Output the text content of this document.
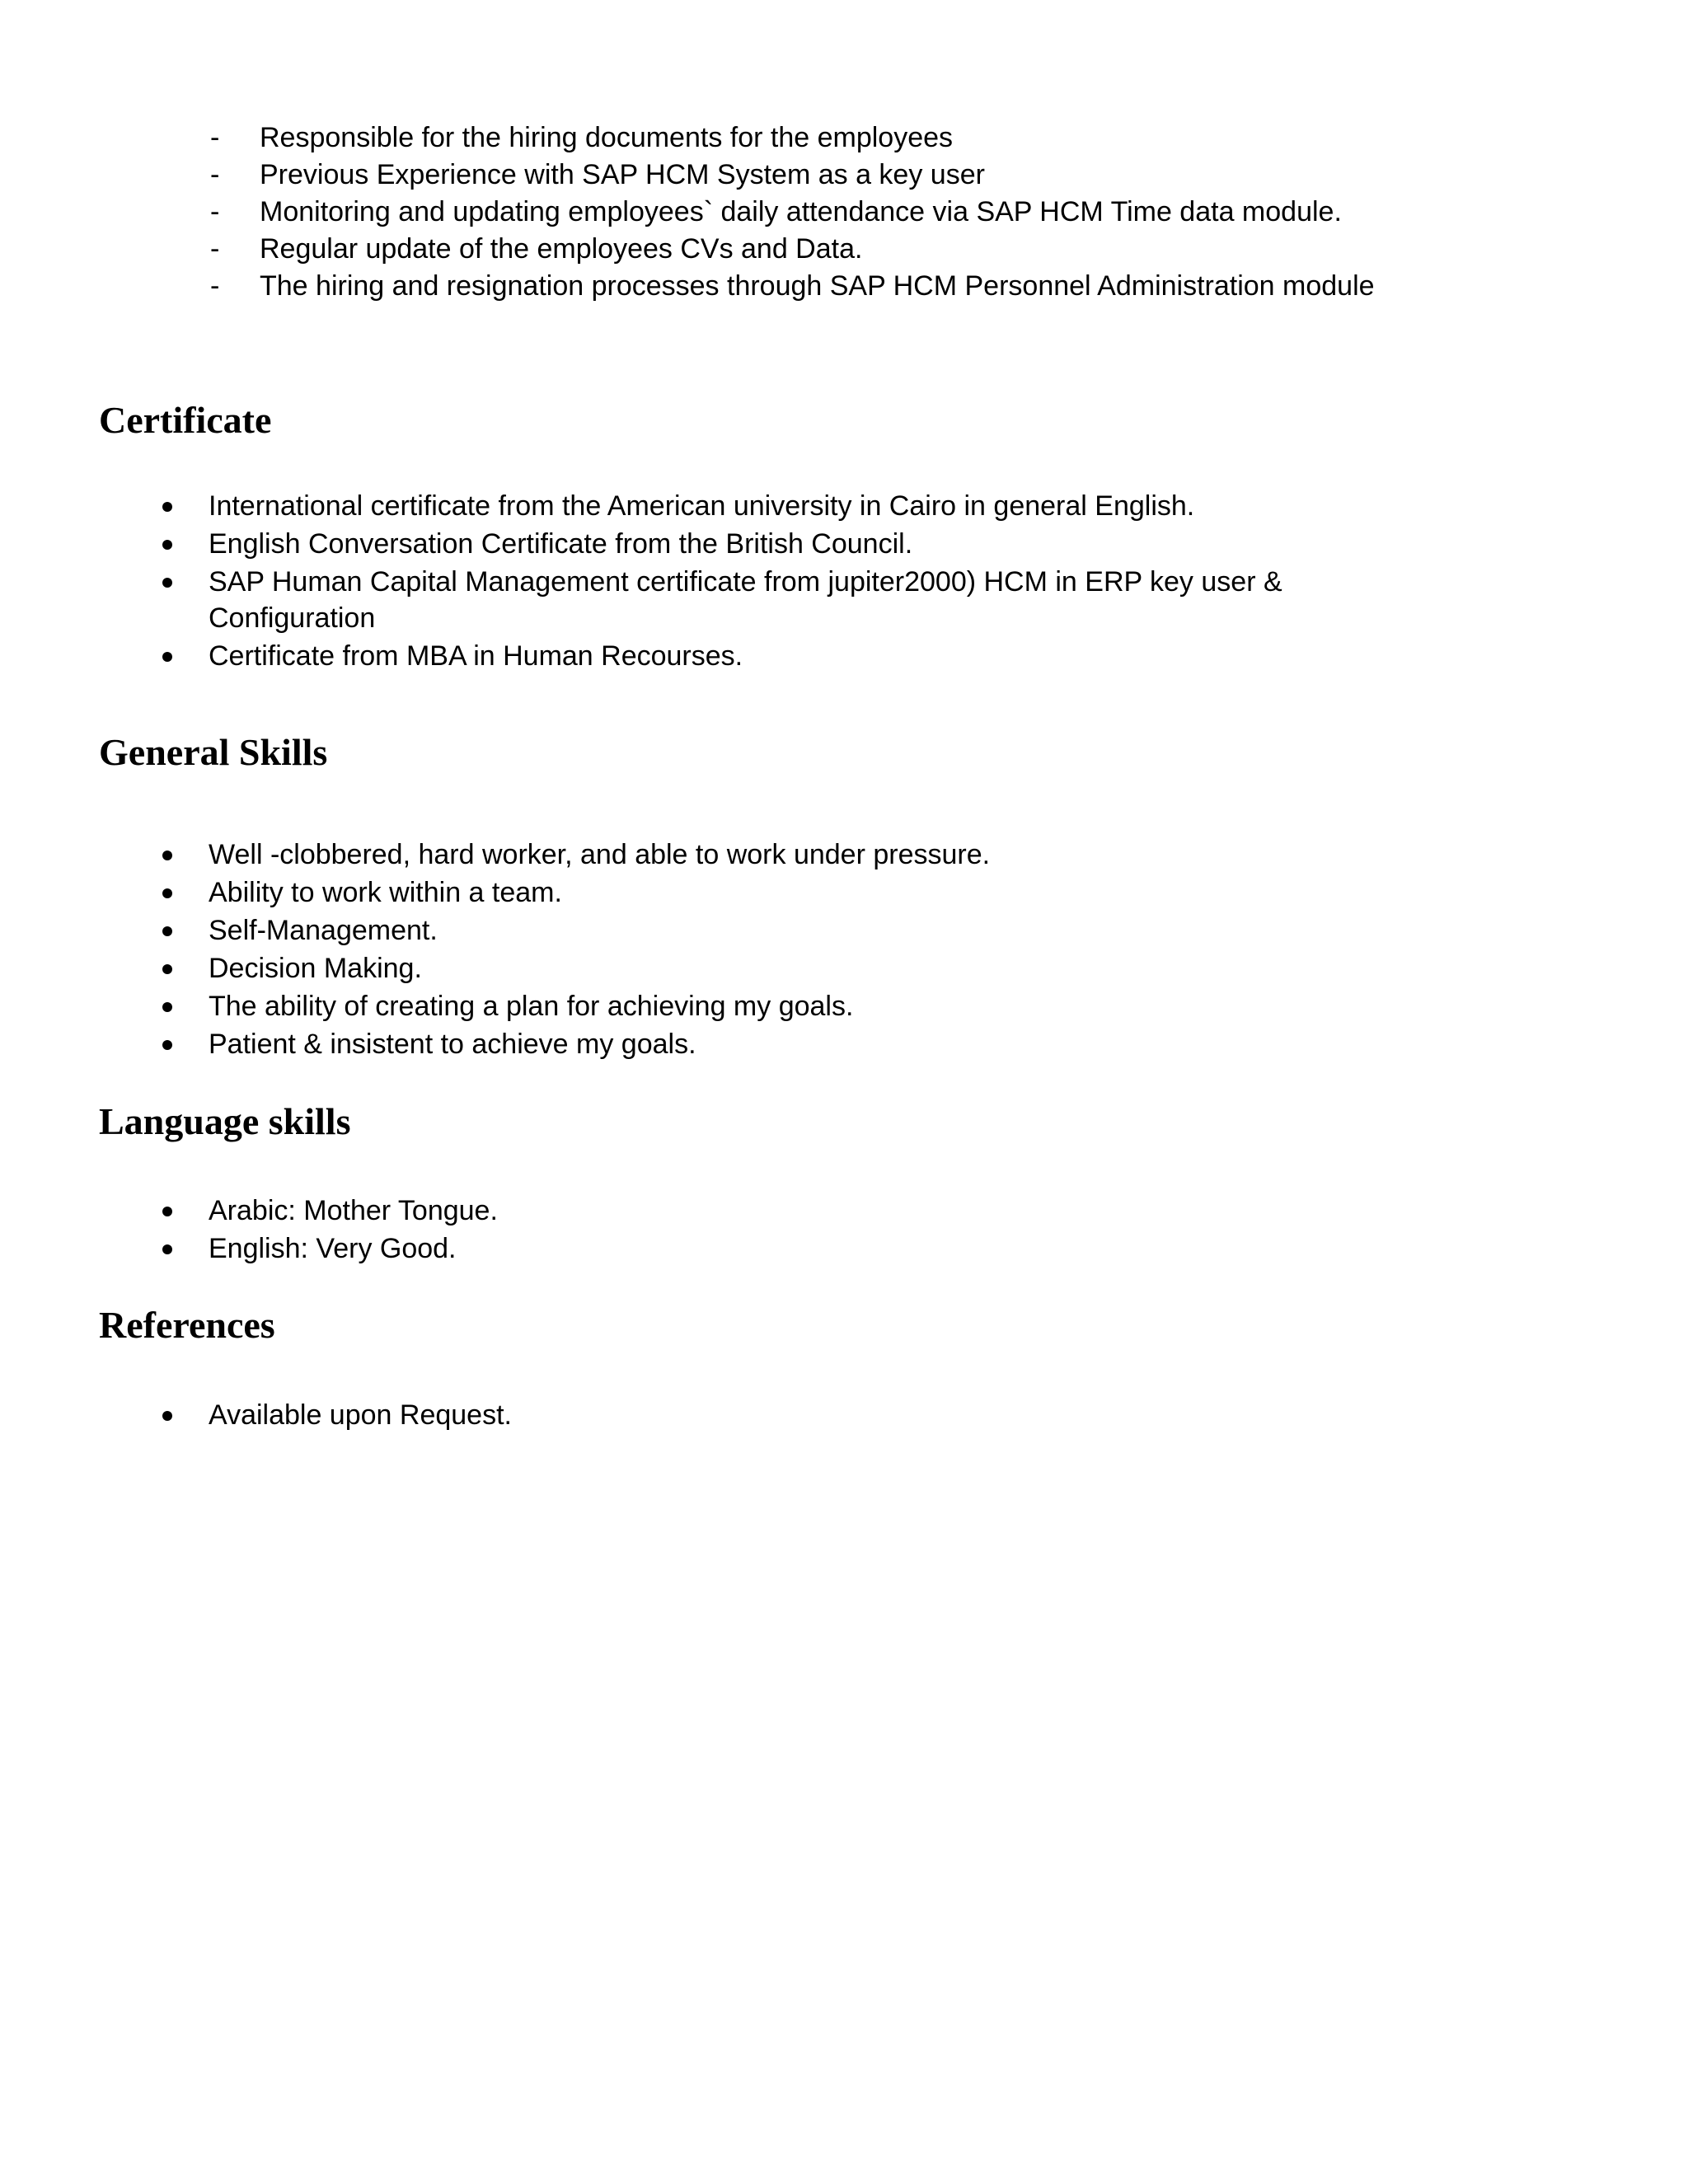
- Responsible for the hiring documents for the employees
- Previous Experience with SAP HCM System as a key user
- Monitoring and updating employees` daily attendance via SAP HCM Time data module.
- Regular update of the employees CVs and Data.
- The hiring and resignation processes through SAP HCM Personnel Administration module
Certificate
International certificate from the American university in Cairo in general English.
English Conversation Certificate from the British Council.
SAP Human Capital Management certificate from jupiter2000) HCM in ERP key user & Configuration
Certificate from MBA in Human Recourses.
General Skills
Well -clobbered, hard worker, and able to work under pressure.
Ability to work within a team.
Self-Management.
Decision Making.
The ability of creating a plan for achieving my goals.
Patient & insistent to achieve my goals.
Language skills
Arabic: Mother Tongue.
English: Very Good.
References
Available upon Request.
